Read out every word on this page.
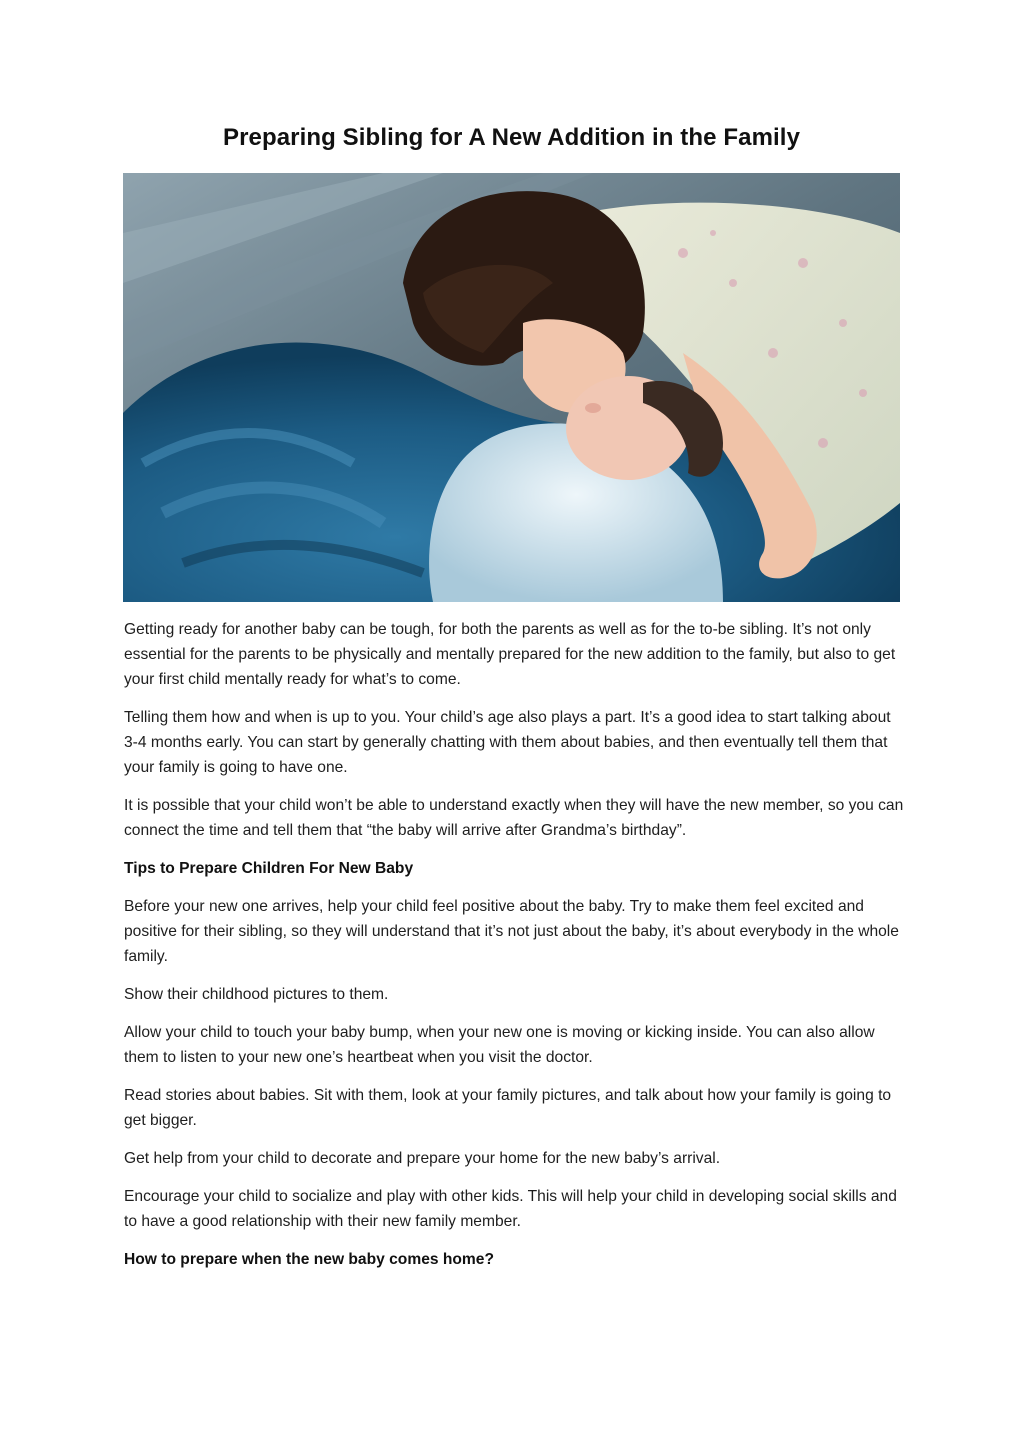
Preparing Sibling for A New Addition in the Family

Getting ready for another baby can be tough, for both the parents as well as for the to-be sibling. It’s not only essential for the parents to be physically and mentally prepared for the new addition to the family, but also to get your first child mentally ready for what’s to come.

Telling them how and when is up to you. Your child’s age also plays a part. It’s a good idea to start talking about 3-4 months early. You can start by generally chatting with them about babies, and then eventually tell them that your family is going to have one.

It is possible that your child won’t be able to understand exactly when they will have the new member, so you can connect the time and tell them that “the baby will arrive after Grandma’s birthday”.

Tips to Prepare Children For New Baby

Before your new one arrives, help your child feel positive about the baby. Try to make them feel excited and positive for their sibling, so they will understand that it’s not just about the baby, it’s about everybody in the whole family.

Show their childhood pictures to them.

Allow your child to touch your baby bump, when your new one is moving or kicking inside. You can also allow them to listen to your new one’s heartbeat when you visit the doctor.

Read stories about babies. Sit with them, look at your family pictures, and talk about how your family is going to get bigger.

Get help from your child to decorate and prepare your home for the new baby’s arrival.

Encourage your child to socialize and play with other kids. This will help your child in developing social skills and to have a good relationship with their new family member.

How to prepare when the new baby comes home?
